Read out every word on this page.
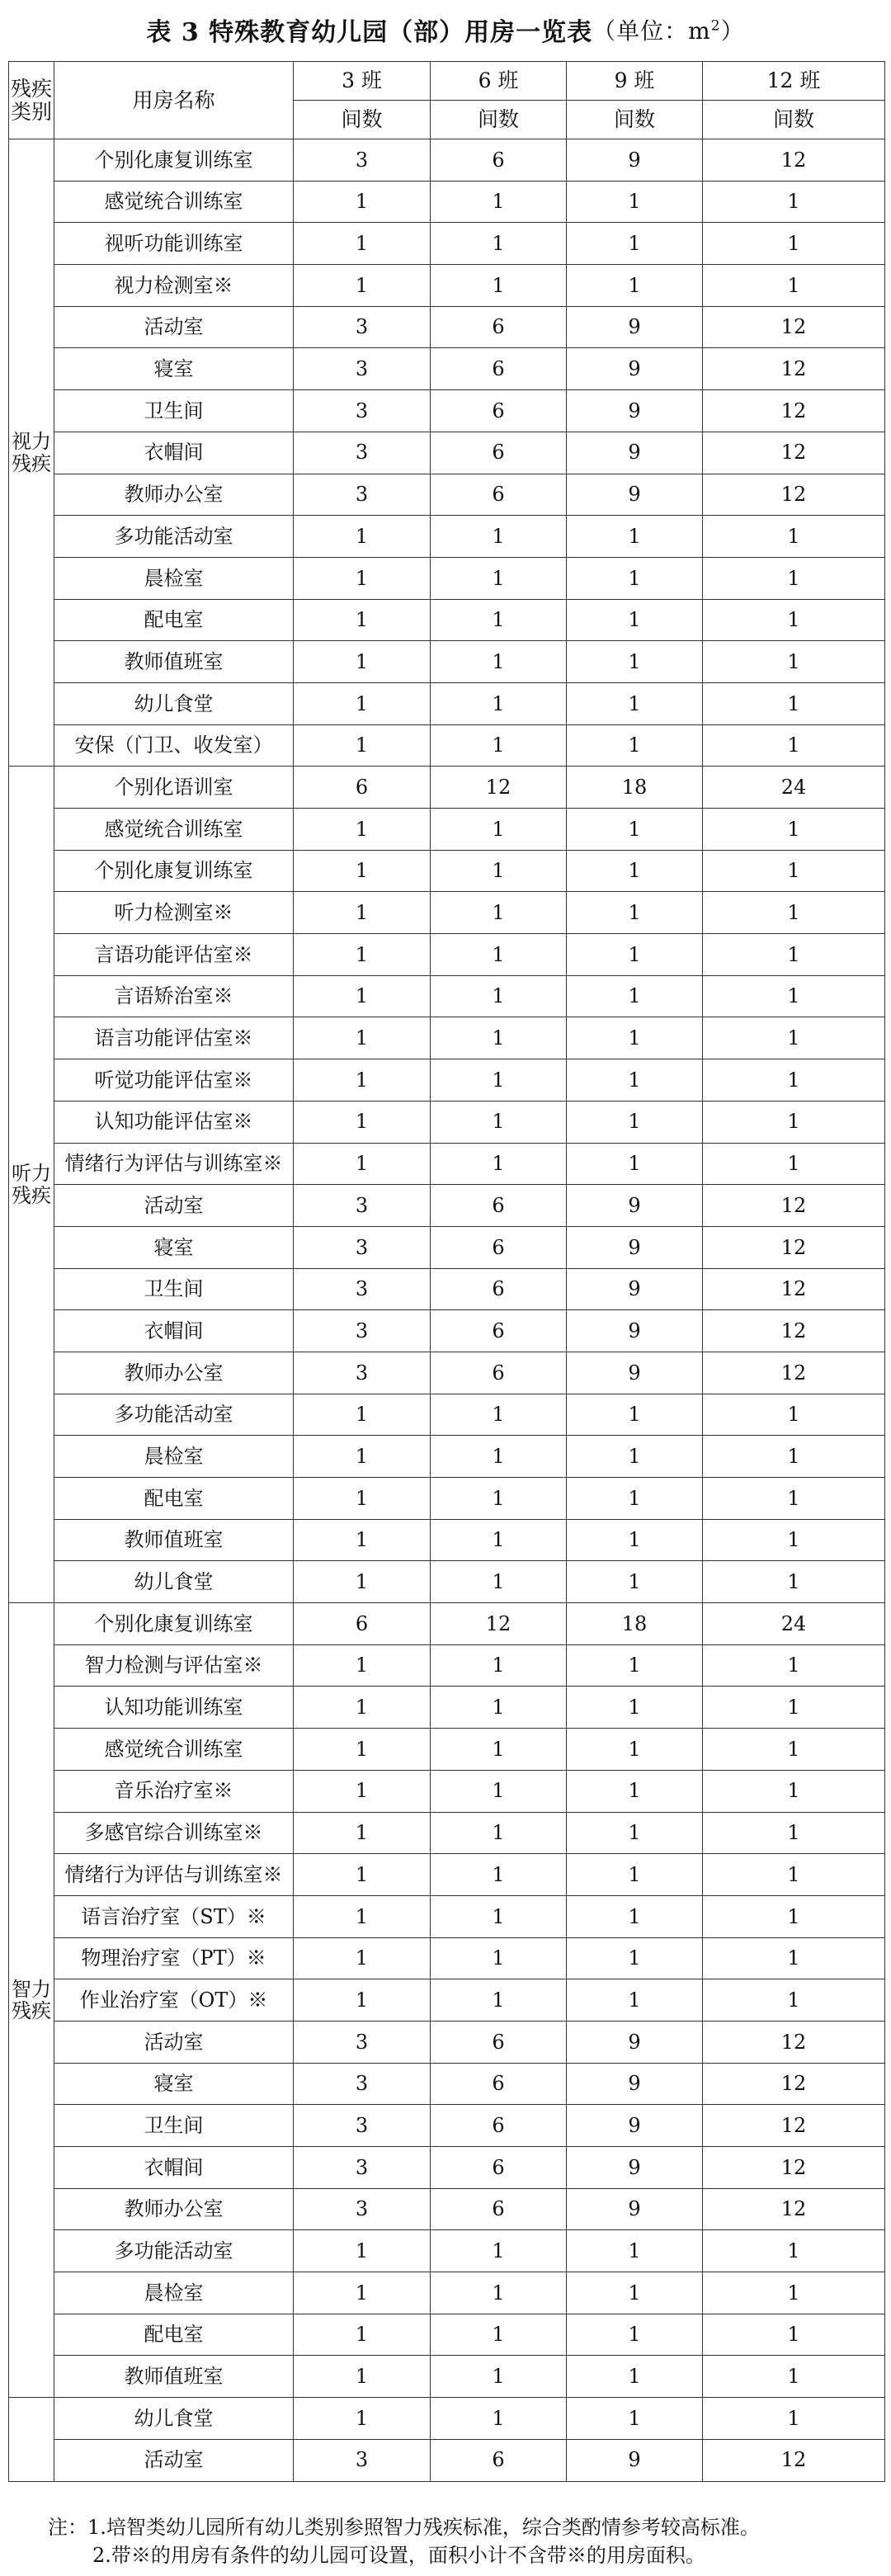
表 3 特殊教育幼儿园（部）用房一览表 （单位：$m^2$）
残疾
类别	用房名称	3 班	6 班	9 班	12 班
		间数	间数	间数	间数
视力
残疾	个别化康复训练室	3	6	9	12
	感觉统合训练室	1	1	1	1
	视听功能训练室	1	1	1	1
	视力检测室※	1	1	1	1
	活动室	3	6	9	12
	寝室	3	6	9	12
	卫生间	3	6	9	12
	衣帽间	3	6	9	12
	教师办公室	3	6	9	12
	多功能活动室	1	1	1	1
	晨检室	1	1	1	1
	配电室	1	1	1	1
	教师值班室	1	1	1	1
	幼儿食堂	1	1	1	1
	安保（门卫、收发室）	1	1	1	1
听力
残疾	个别化语训室	6	12	18	24
	感觉统合训练室	1	1	1	1
	个别化康复训练室	1	1	1	1
	听力检测室※	1	1	1	1
	言语功能评估室※	1	1	1	1
	言语矫治室※	1	1	1	1
	语言功能评估室※	1	1	1	1
	听觉功能评估室※	1	1	1	1
	认知功能评估室※	1	1	1	1
	情绪行为评估与训练室※	1	1	1	1
	活动室	3	6	9	12
	寝室	3	6	9	12
	卫生间	3	6	9	12
	衣帽间	3	6	9	12
	教师办公室	3	6	9	12
	多功能活动室	1	1	1	1
	晨检室	1	1	1	1
	配电室	1	1	1	1
	教师值班室	1	1	1	1
	幼儿食堂	1	1	1	1
智力
残疾	个别化康复训练室	6	12	18	24
	智力检测与评估室※	1	1	1	1
	认知功能训练室	1	1	1	1
	感觉统合训练室	1	1	1	1
	音乐治疗室※	1	1	1	1
	多感官综合训练室※	1	1	1	1
	情绪行为评估与训练室※	1	1	1	1
	语言治疗室（ST）※	1	1	1	1
	物理治疗室（PT）※	1	1	1	1
	作业治疗室（OT）※	1	1	1	1
	活动室	3	6	9	12
	寝室	3	6	9	12
	卫生间	3	6	9	12
	衣帽间	3	6	9	12
	教师办公室	3	6	9	12
	多功能活动室	1	1	1	1
	晨检室	1	1	1	1
	配电室	1	1	1	1
	教师值班室	1	1	1	1
	幼儿食堂	1	1	1	1
	活动室	3	6	9	12
注：1.培智类幼儿园所有幼儿类别参照智力残疾标准，综合类酌情参考较高标准。
2.带※的用房有条件的幼儿园可设置，面积小计不含带※的用房面积。
